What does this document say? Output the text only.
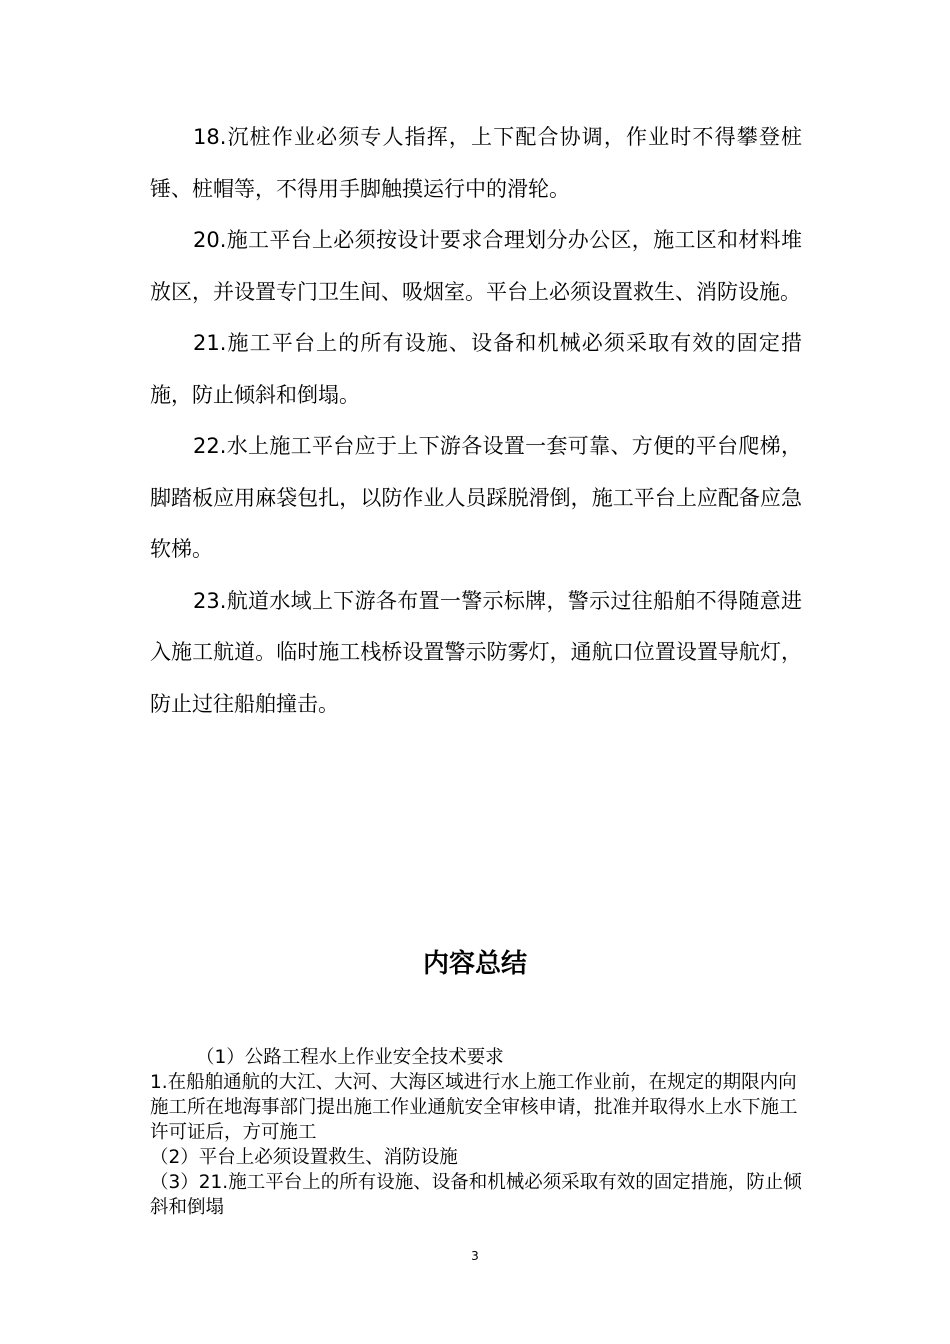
18.沉桩作业必须专人指挥，上下配合协调，作业时不得攀登桩锤、桩帽等，不得用手脚触摸运行中的滑轮。

20.施工平台上必须按设计要求合理划分办公区，施工区和材料堆放区，并设置专门卫生间、吸烟室。平台上必须设置救生、消防设施。

21.施工平台上的所有设施、设备和机械必须采取有效的固定措施，防止倾斜和倒塌。

22.水上施工平台应于上下游各设置一套可靠、方便的平台爬梯，脚踏板应用麻袋包扎，以防作业人员踩脱滑倒，施工平台上应配备应急软梯。

23.航道水域上下游各布置一警示标牌，警示过往船舶不得随意进入施工航道。临时施工栈桥设置警示防雾灯，通航口位置设置导航灯，防止过往船舶撞击。

内容总结

（1）公路工程水上作业安全技术要求

1.在船舶通航的大江、大河、大海区域进行水上施工作业前，在规定的期限内向施工所在地海事部门提出施工作业通航安全审核申请，批准并取得水上水下施工许可证后，方可施工

（2）平台上必须设置救生、消防设施

（3）21.施工平台上的所有设施、设备和机械必须采取有效的固定措施，防止倾斜和倒塌

3
